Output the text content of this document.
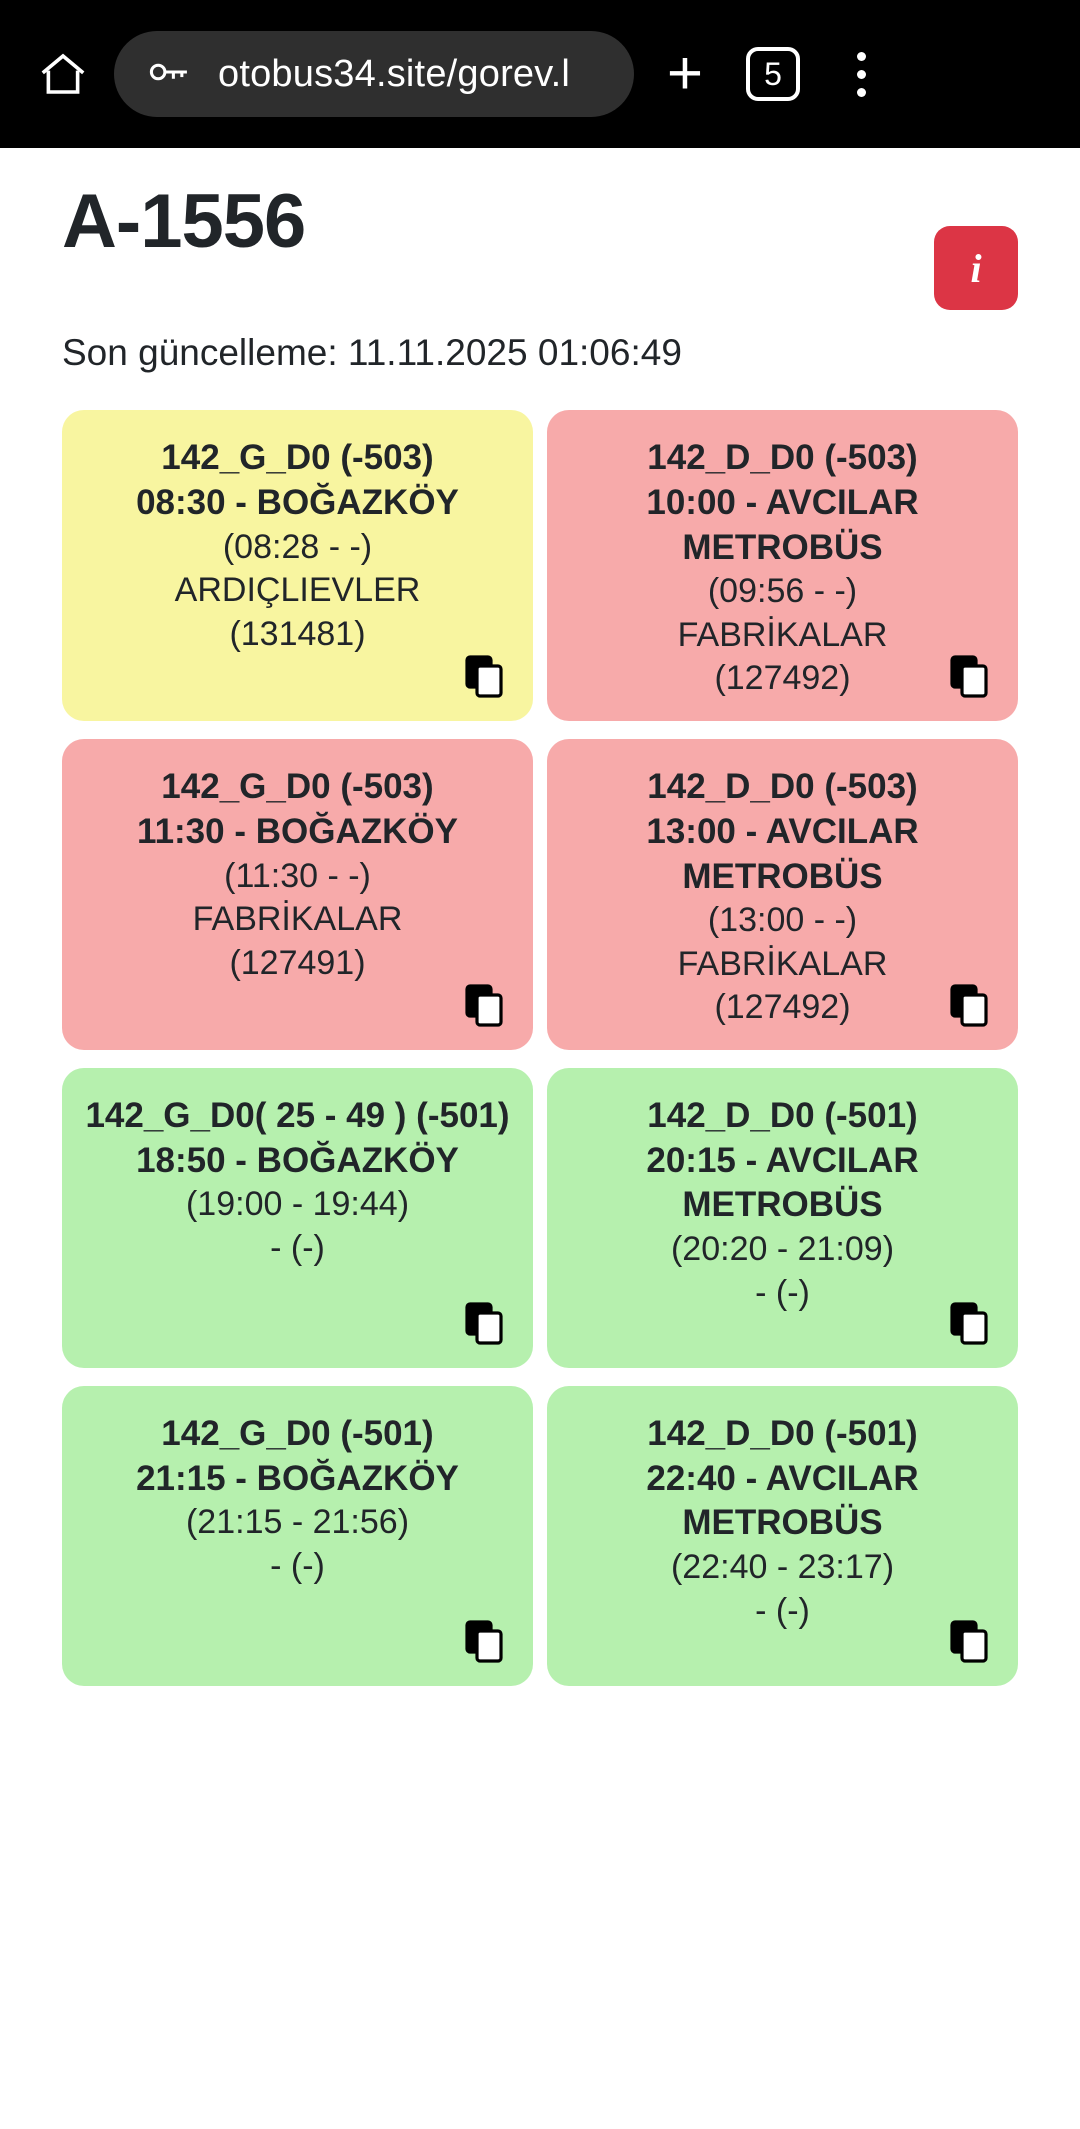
otobus34.site/gorev.l +	5
A-1556
i
Son güncelleme: 11.11.2025 01:06:49
142_G_D0 (-503)
08:30 - BOĞAZKÖY
(08:28 - -)
ARDIÇLIEVLER
(131481)
142_D_D0 (-503)
10:00 - AVCILAR METROBÜS
(09:56 - -)
FABRİKALAR
(127492)
142_G_D0 (-503)
11:30 - BOĞAZKÖY
(11:30 - -)
FABRİKALAR
(127491)
142_D_D0 (-503)
13:00 - AVCILAR METROBÜS
(13:00 - -)
FABRİKALAR
(127492)
142_G_D0( 25 - 49 ) (-501)
18:50 - BOĞAZKÖY
(19:00 - 19:44)
- (-)
142_D_D0 (-501)
20:15 - AVCILAR METROBÜS
(20:20 - 21:09)
- (-)
142_G_D0 (-501)
21:15 - BOĞAZKÖY
(21:15 - 21:56)
- (-)
142_D_D0 (-501)
22:40 - AVCILAR METROBÜS
(22:40 - 23:17)
- (-)
